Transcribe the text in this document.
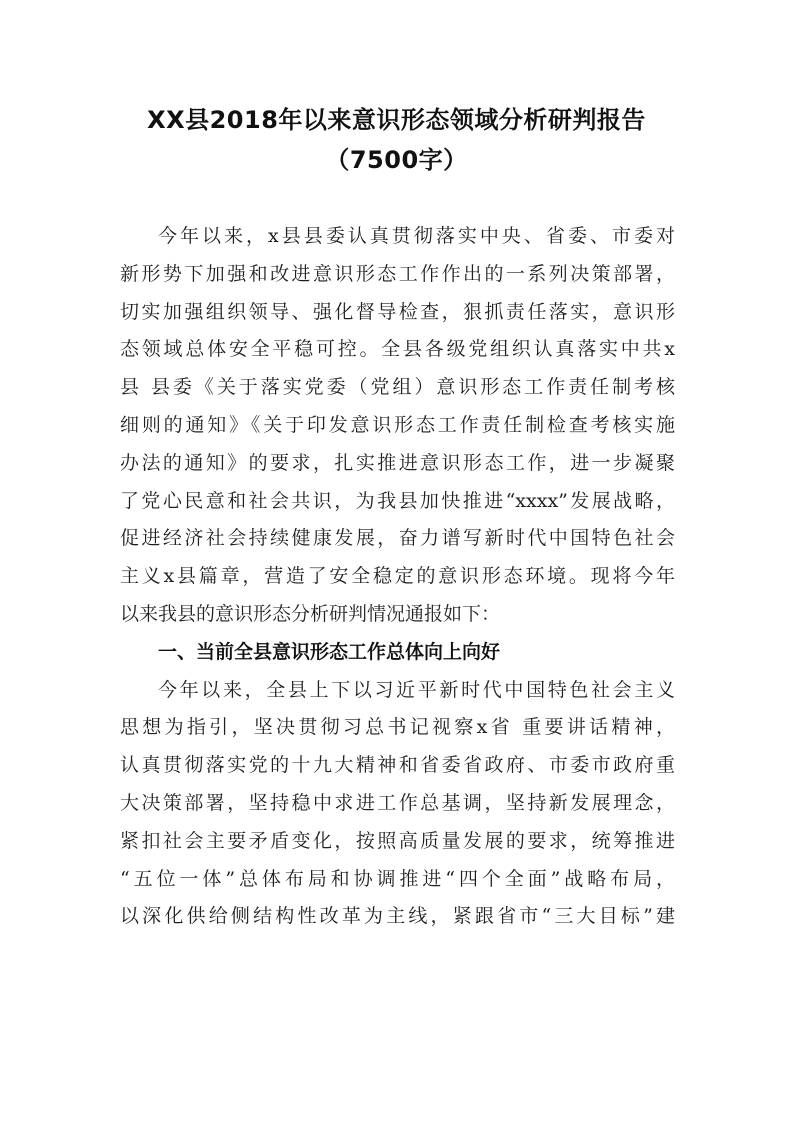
XX县2018年以来意识形态领域分析研判报告
（7500字）
今年以来，x县县委认真贯彻落实中央、省委、市委对
新形势下加强和改进意识形态工作作出的一系列决策部署，
切实加强组织领导、强化督导检查，狠抓责任落实，意识形
态领域总体安全平稳可控。全县各级党组织认真落实中共x
县 县委《关于落实党委（党组）意识形态工作责任制考核
细则的通知》《关于印发意识形态工作责任制检查考核实施
办法的通知》的要求，扎实推进意识形态工作，进一步凝聚
了党心民意和社会共识，为我县加快推进“xxxx”发展战略，
促进经济社会持续健康发展，奋力谱写新时代中国特色社会
主义x县篇章，营造了安全稳定的意识形态环境。现将今年
以来我县的意识形态分析研判情况通报如下：
一、当前全县意识形态工作总体向上向好
今年以来，全县上下以习近平新时代中国特色社会主义
思想为指引，坚决贯彻习总书记视察x省 重要讲话精神，
认真贯彻落实党的十九大精神和省委省政府、市委市政府重
大决策部署，坚持稳中求进工作总基调，坚持新发展理念，
紧扣社会主要矛盾变化，按照高质量发展的要求，统筹推进
“五位一体”总体布局和协调推进“四个全面”战略布局，
以深化供给侧结构性改革为主线，紧跟省市“三大目标”建
